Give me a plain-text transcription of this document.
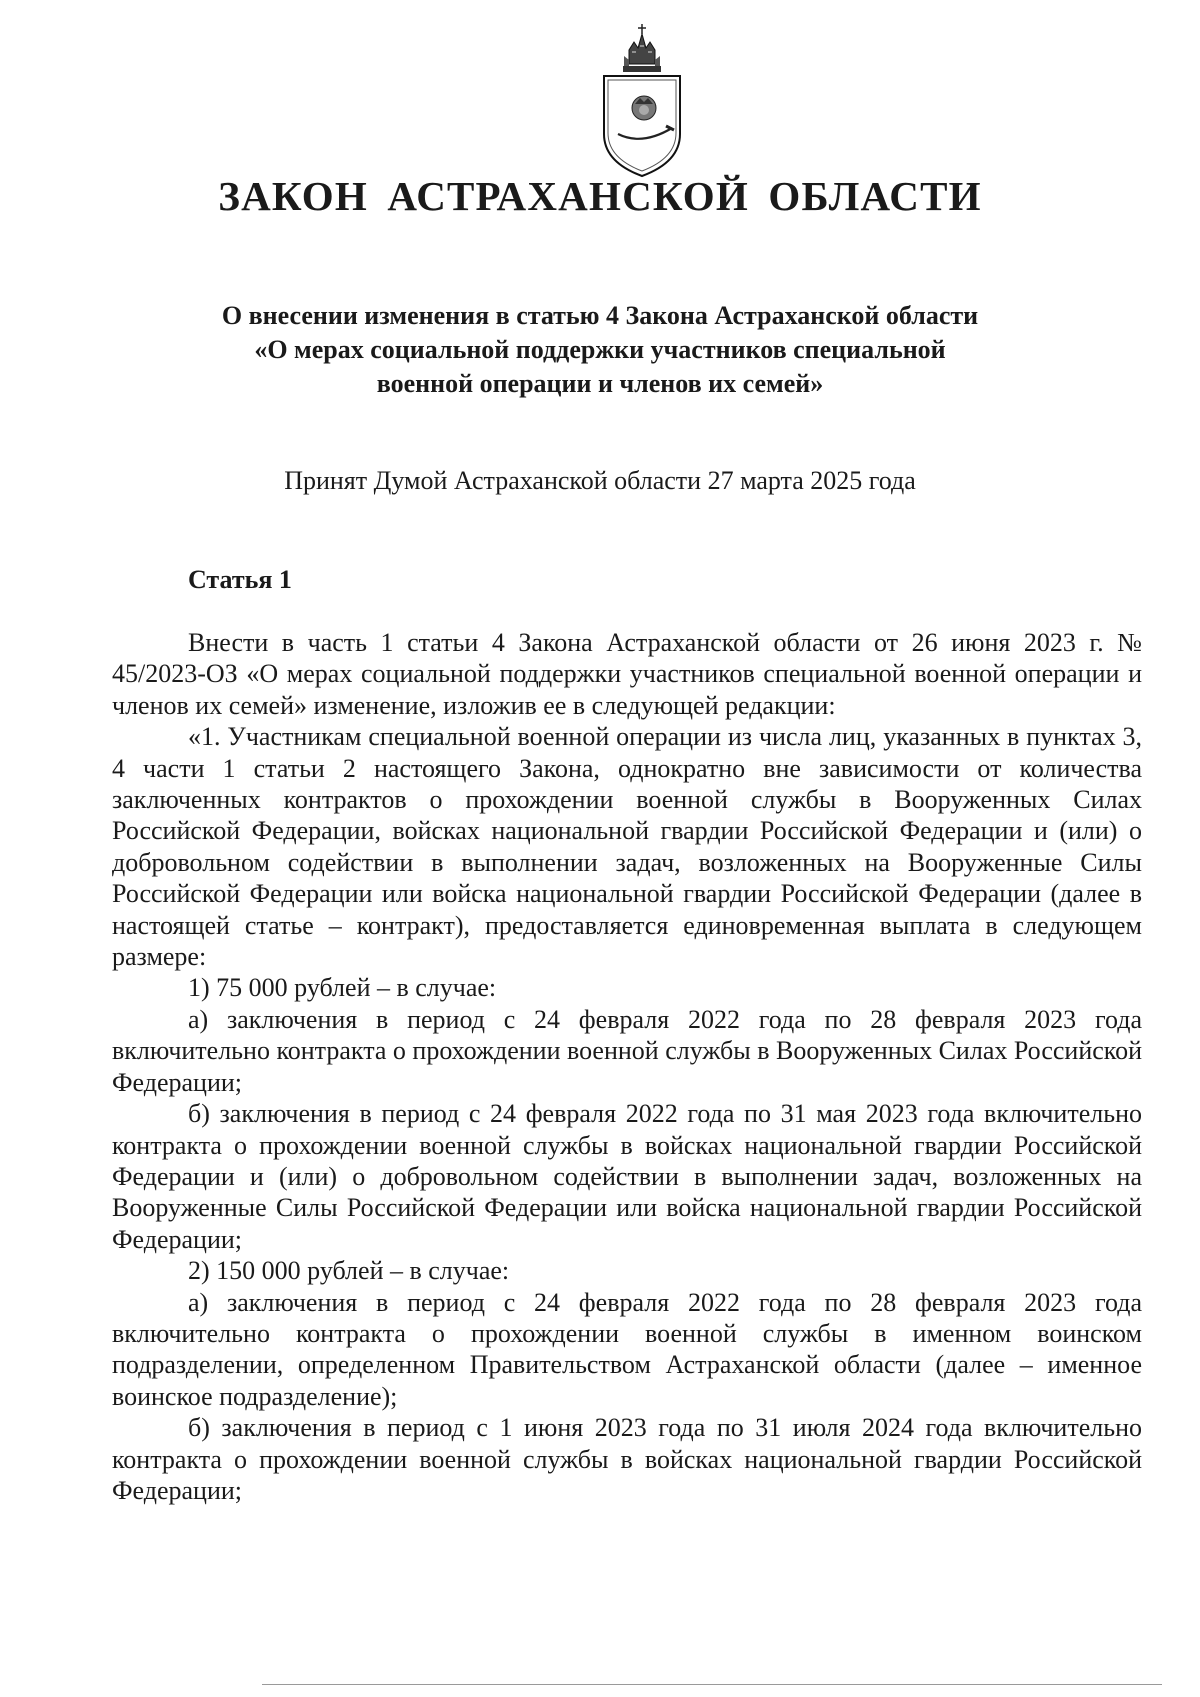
ЗАКОН АСТРАХАНСКОЙ ОБЛАСТИ
О внесении изменения в статью 4 Закона Астраханской области
«О мерах социальной поддержки участников специальной
военной операции и членов их семей»
Принят Думой Астраханской области 27 марта 2025 года
Статья 1

Внести в часть 1 статьи 4 Закона Астраханской области от 26 июня 2023 г. № 45/2023-ОЗ «О мерах социальной поддержки участников специальной военной операции и членов их семей» изменение, изложив ее в следующей редакции:

«1. Участникам специальной военной операции из числа лиц, указанных в пунктах 3, 4 части 1 статьи 2 настоящего Закона, однократно вне зависимости от количества заключенных контрактов о прохождении военной службы в Вооруженных Силах Российской Федерации, войсках национальной гвардии Российской Федерации и (или) о добровольном содействии в выполнении задач, возложенных на Вооруженные Силы Российской Федерации или войска национальной гвардии Российской Федерации (далее в настоящей статье – контракт), предоставляется единовременная выплата в следующем размере:

1) 75 000 рублей – в случае:

а) заключения в период с 24 февраля 2022 года по 28 февраля 2023 года включительно контракта о прохождении военной службы в Вооруженных Силах Российской Федерации;

б) заключения в период с 24 февраля 2022 года по 31 мая 2023 года включительно контракта о прохождении военной службы в войсках национальной гвардии Российской Федерации и (или) о добровольном содействии в выполнении задач, возложенных на Вооруженные Силы Российской Федерации или войска национальной гвардии Российской Федерации;

2) 150 000 рублей – в случае:

а) заключения в период с 24 февраля 2022 года по 28 февраля 2023 года включительно контракта о прохождении военной службы в именном воинском подразделении, определенном Правительством Астраханской области (далее – именное воинское подразделение);

б) заключения в период с 1 июня 2023 года по 31 июля 2024 года включительно контракта о прохождении военной службы в войсках национальной гвардии Российской Федерации;
